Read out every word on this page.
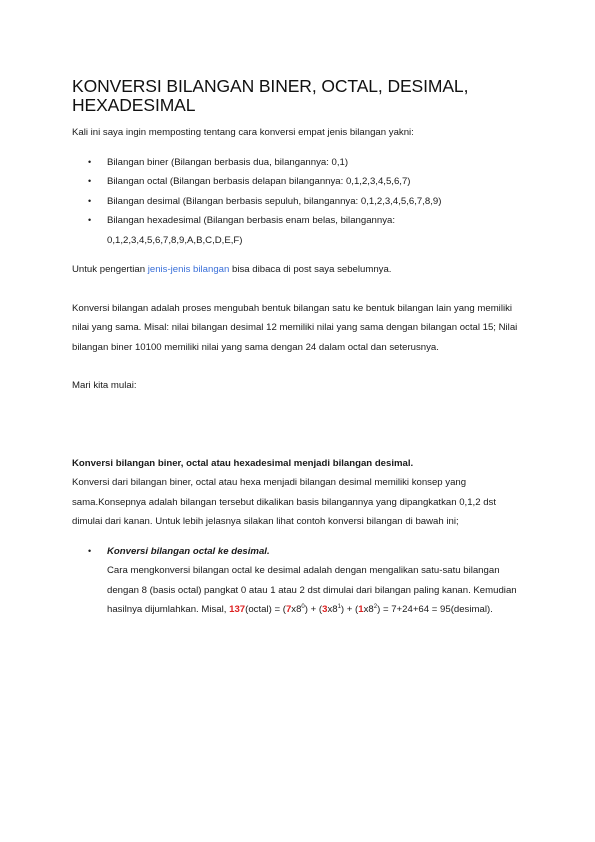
KONVERSI BILANGAN BINER, OCTAL, DESIMAL, HEXADESIMAL

Kali ini saya ingin memposting tentang cara konversi empat jenis bilangan yakni:

• Bilangan biner (Bilangan berbasis dua, bilangannya: 0,1)
• Bilangan octal (Bilangan berbasis delapan bilangannya: 0,1,2,3,4,5,6,7)
• Bilangan desimal (Bilangan berbasis sepuluh, bilangannya: 0,1,2,3,4,5,6,7,8,9)
• Bilangan hexadesimal (Bilangan berbasis enam belas, bilangannya: 0,1,2,3,4,5,6,7,8,9,A,B,C,D,E,F)

Untuk pengertian jenis-jenis bilangan bisa dibaca di post saya sebelumnya.

Konversi bilangan adalah proses mengubah bentuk bilangan satu ke bentuk bilangan lain yang memiliki nilai yang sama. Misal: nilai bilangan desimal 12 memiliki nilai yang sama dengan bilangan octal 15; Nilai bilangan biner 10100 memiliki nilai yang sama dengan 24 dalam octal dan seterusnya.

Mari kita mulai:

Konversi bilangan biner, octal atau hexadesimal menjadi bilangan desimal.

Konversi dari bilangan biner, octal atau hexa menjadi bilangan desimal memiliki konsep yang sama.Konsepnya adalah bilangan tersebut dikalikan basis bilangannya yang dipangkatkan 0,1,2 dst dimulai dari kanan. Untuk lebih jelasnya silakan lihat contoh konversi bilangan di bawah ini;

• Konversi bilangan octal ke desimal.
Cara mengkonversi bilangan octal ke desimal adalah dengan mengalikan satu-satu bilangan dengan 8 (basis octal) pangkat 0 atau 1 atau 2 dst dimulai dari bilangan paling kanan. Kemudian hasilnya dijumlahkan. Misal, 137(octal) = $(7x8^0) + (3x8^1) + (1x8^2) = 7+24+64$ = 95(desimal).
